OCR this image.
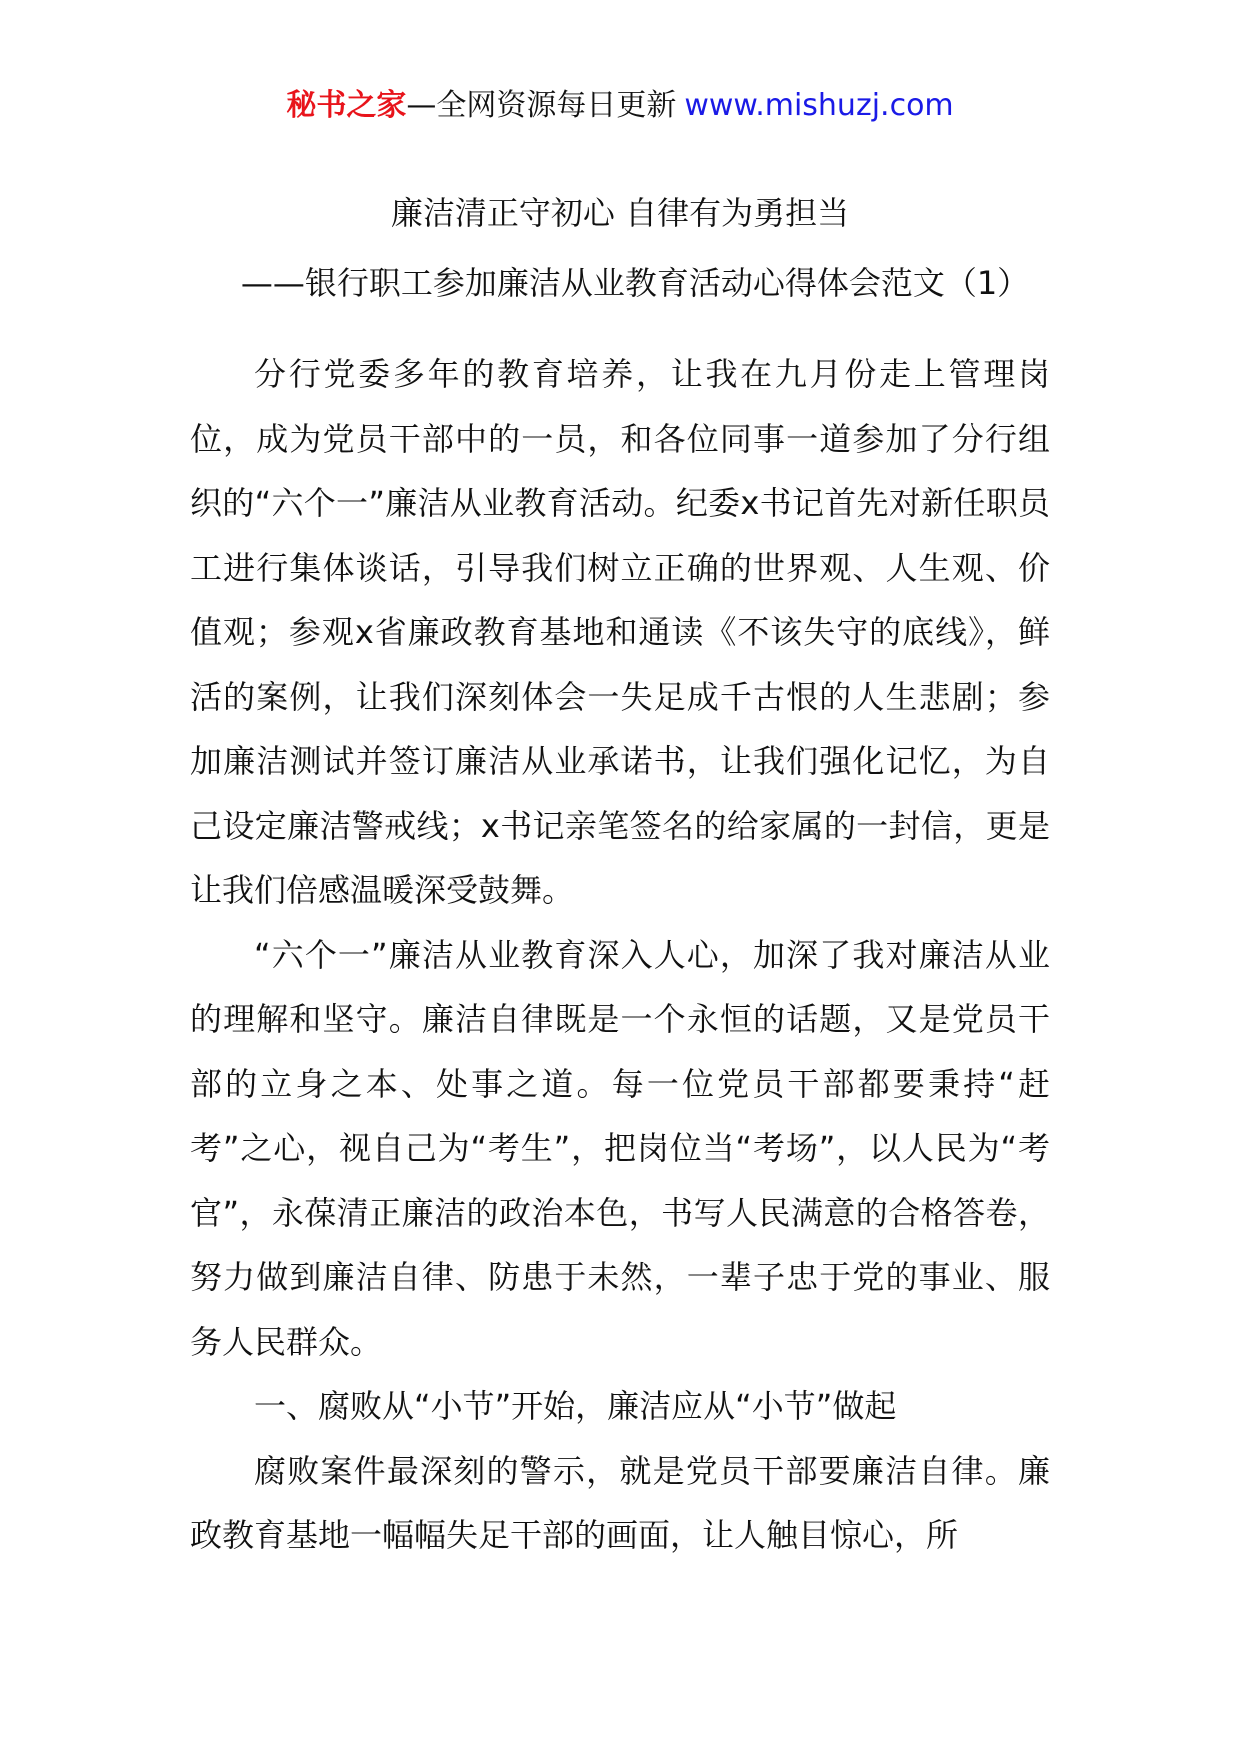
秘书之家—全网资源每日更新 www.mishuzj.com
廉洁清正守初心 自律有为勇担当
——银行职工参加廉洁从业教育活动心得体会范文（1）

分行党委多年的教育培养，让我在九月份走上管理岗位，成为党员干部中的一员，和各位同事一道参加了分行组织的“六个一”廉洁从业教育活动。纪委x书记首先对新任职员工进行集体谈话，引导我们树立正确的世界观、人生观、价值观；参观x省廉政教育基地和通读《不该失守的底线》，鲜活的案例，让我们深刻体会一失足成千古恨的人生悲剧；参加廉洁测试并签订廉洁从业承诺书，让我们强化记忆，为自己设定廉洁警戒线；x书记亲笔签名的给家属的一封信，更是让我们倍感温暖深受鼓舞。

“六个一”廉洁从业教育深入人心，加深了我对廉洁从业的理解和坚守。廉洁自律既是一个永恒的话题，又是党员干部的立身之本、处事之道。每一位党员干部都要秉持“赶考”之心，视自己为“考生”，把岗位当“考场”，以人民为“考官”，永葆清正廉洁的政治本色，书写人民满意的合格答卷，努力做到廉洁自律、防患于未然，一辈子忠于党的事业、服务人民群众。

一、腐败从“小节”开始，廉洁应从“小节”做起

腐败案件最深刻的警示，就是党员干部要廉洁自律。廉政教育基地一幅幅失足干部的画面，让人触目惊心，所
